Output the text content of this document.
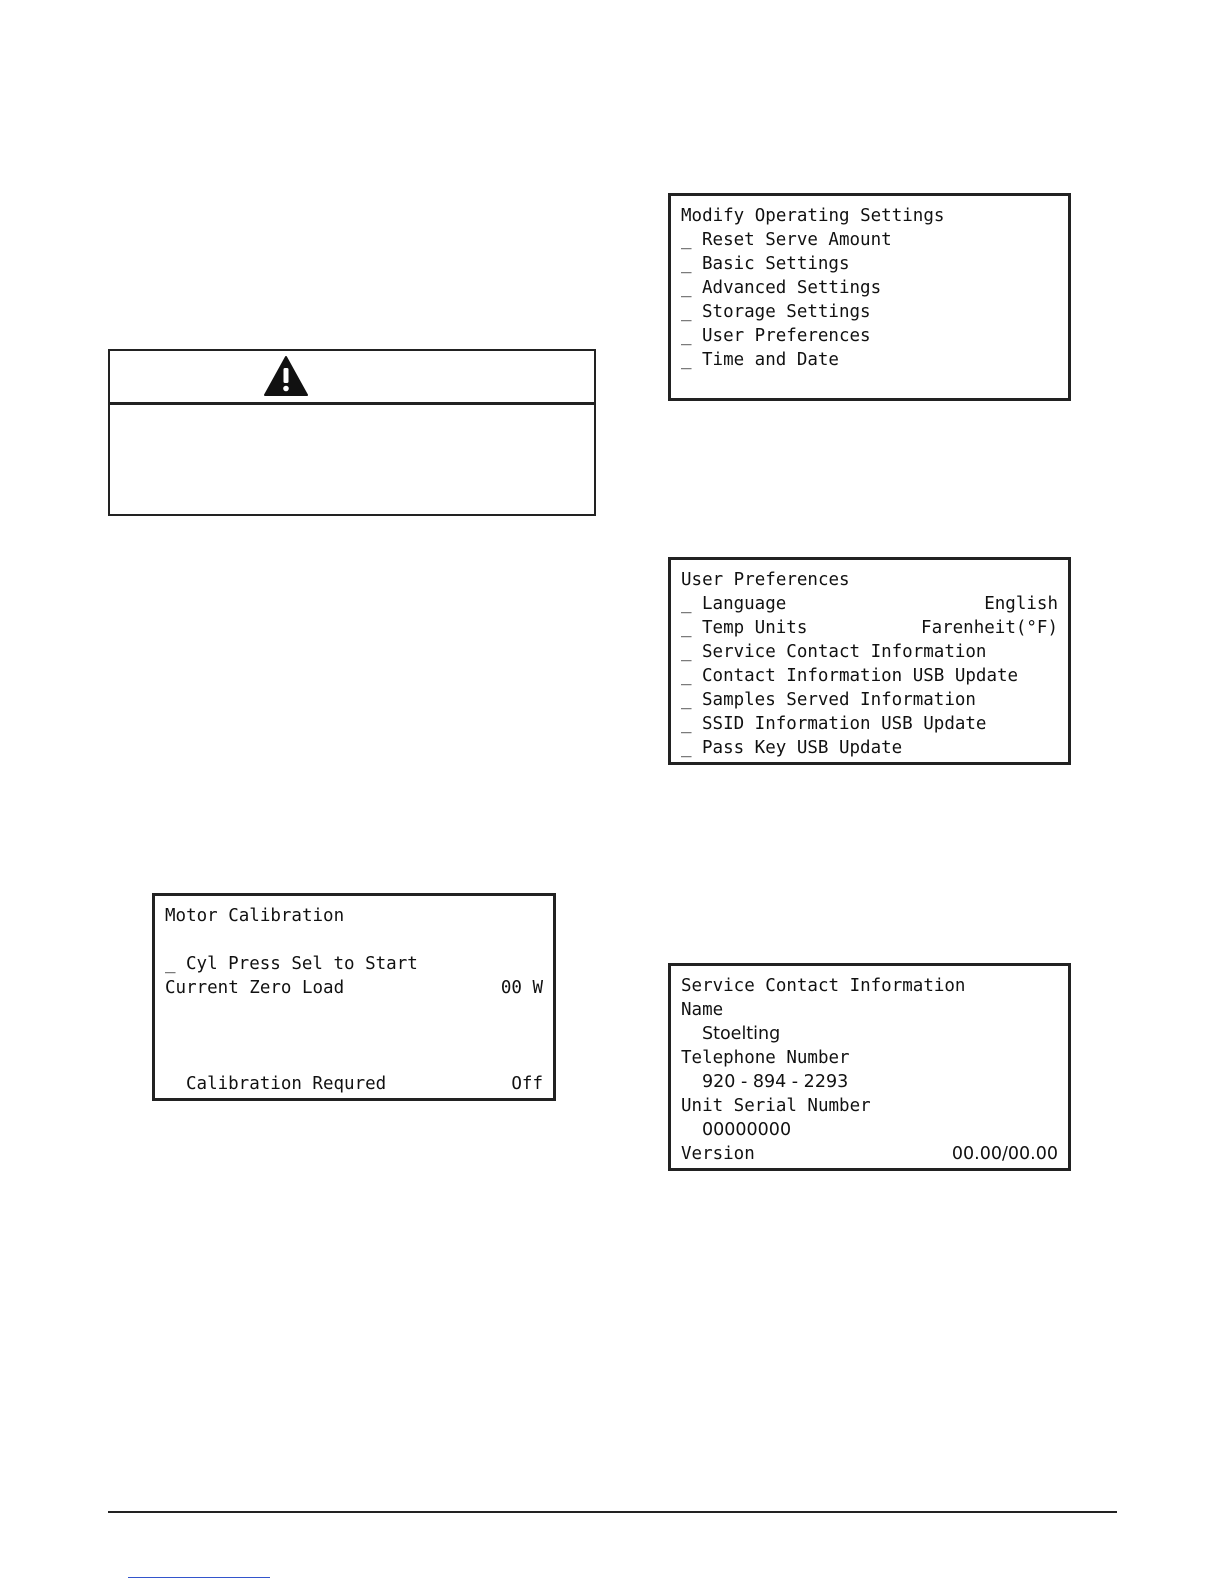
Modify Operating Settings
_ Reset Serve Amount
_ Basic Settings
_ Advanced Settings
_ Storage Settings
_ User Preferences
_ Time and Date
User Preferences
_ Language	English
_ Temp Units	Farenheit(°F)
_ Service Contact Information
_ Contact Information USB Update
_ Samples Served Information
_ SSID Information USB Update
_ Pass Key USB Update
Motor Calibration
_ Cyl Press Sel to Start
Current Zero Load	00 W
Calibration Requred	Off
Service Contact Information
Name
Stoelting
Telephone Number
920 - 894 - 2293
Unit Serial Number
00000000
Version	00.00/00.00
